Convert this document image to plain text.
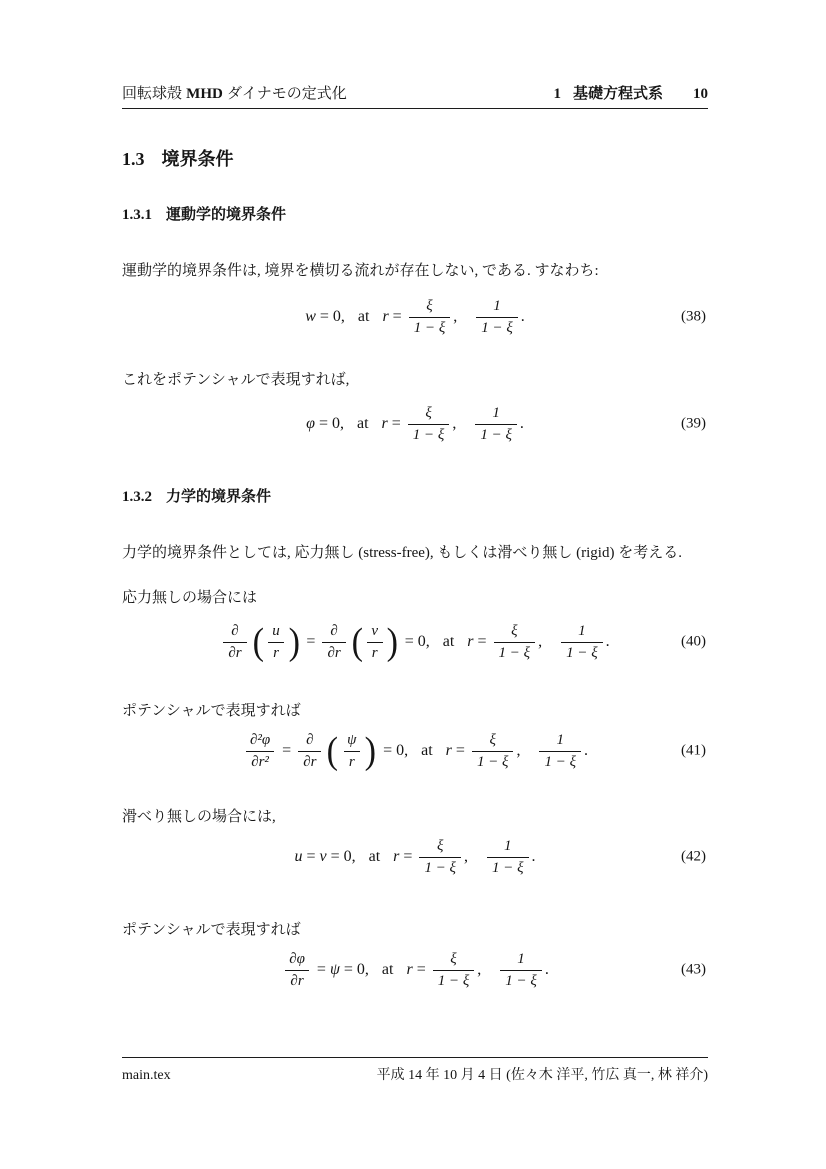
回転球殻 MHD ダイナモの定式化	1 基礎方程式系 10
1.3 境界条件
1.3.1 運動学的境界条件

運動学的境界条件は, 境界を横切る流れが存在しない, である. すなわち:

w = 0, at $r = \frac{\xi}{1 - \xi}$ , $\frac{1}{1 - \xi}$ .	(38)

これをポテンシャルで表現すれば,

φ = 0, at $r = \frac{\xi}{1 - \xi}$ , $\frac{1}{1 - \xi}$ .	(39)
1.3.2 力学的境界条件

力学的境界条件としては, 応力無し (stress-free), もしくは滑べり無し (rigid) を考える.

応力無しの場合には

$\frac{\partial}{\partial r}$ ( $\frac{u}{r}$ ) = $\frac{\partial}{\partial r}$ ( $\frac{v}{r}$ ) = 0, at $r = \frac{\xi}{1 - \xi}$ , $\frac{1}{1 - \xi}$ .	(40)

ポテンシャルで表現すれば

$\frac{\text{∂²φ}}{\text{∂r²}} = \frac{\partial}{\partial r}$ ( $\frac{\psi}{r}$ ) = 0, at $r = \frac{\xi}{1 - \xi}$ , $\frac{1}{1 - \xi}$ .	(41)

滑べり無しの場合には,

u = v = 0, at $r = \frac{\xi}{1 - \xi}$ , $\frac{1}{1 - \xi}$ .	(42)

ポテンシャルで表現すれば

$\frac{\partial\varphi}{\partial r} = \psi = 0$, at $r = \frac{\xi}{1 - \xi}$ , $\frac{1}{1 - \xi}$ .	(43)
main.tex	平成 14 年 10 月 4 日 (佐々木 洋平, 竹広 真一, 林 祥介)
